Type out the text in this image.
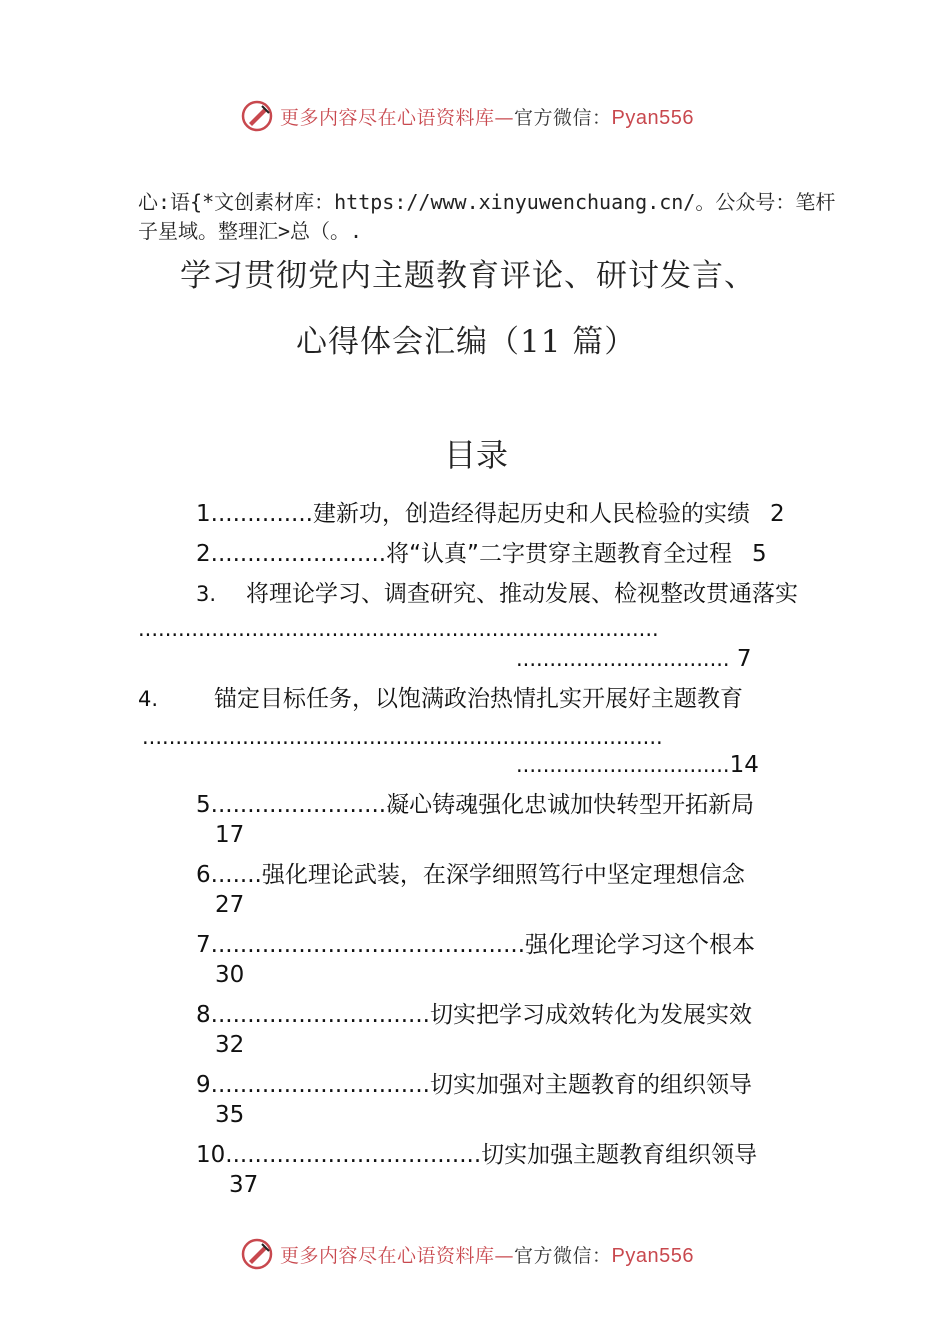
更多内容尽在心语资料库—官方微信：Pyan556
心:语{*文创素材库：https://www.xinyuwenchuang.cn/。公众号：笔杆子星域。整理汇>总（。.
学习贯彻党内主题教育评论、研讨发言、
心得体会汇编（11 篇）
目录
1..............建新功，创造经得起历史和人民检验的实绩 2
2........................将“认真”二字贯穿主题教育全过程 5
3. 将理论学习、调查研究、推动发展、检视整改贯通落实
..............................................................................
................................ 7
4. 锚定目标任务，以饱满政治热情扎实开展好主题教育
..............................................................................
................................14
5........................凝心铸魂强化忠诚加快转型开拓新局
17
6.......强化理论武装，在深学细照笃行中坚定理想信念
27
7...........................................强化理论学习这个根本
30
8..............................切实把学习成效转化为发展实效
32
9..............................切实加强对主题教育的组织领导
35
10...................................切实加强主题教育组织领导
37
更多内容尽在心语资料库—官方微信：Pyan556
